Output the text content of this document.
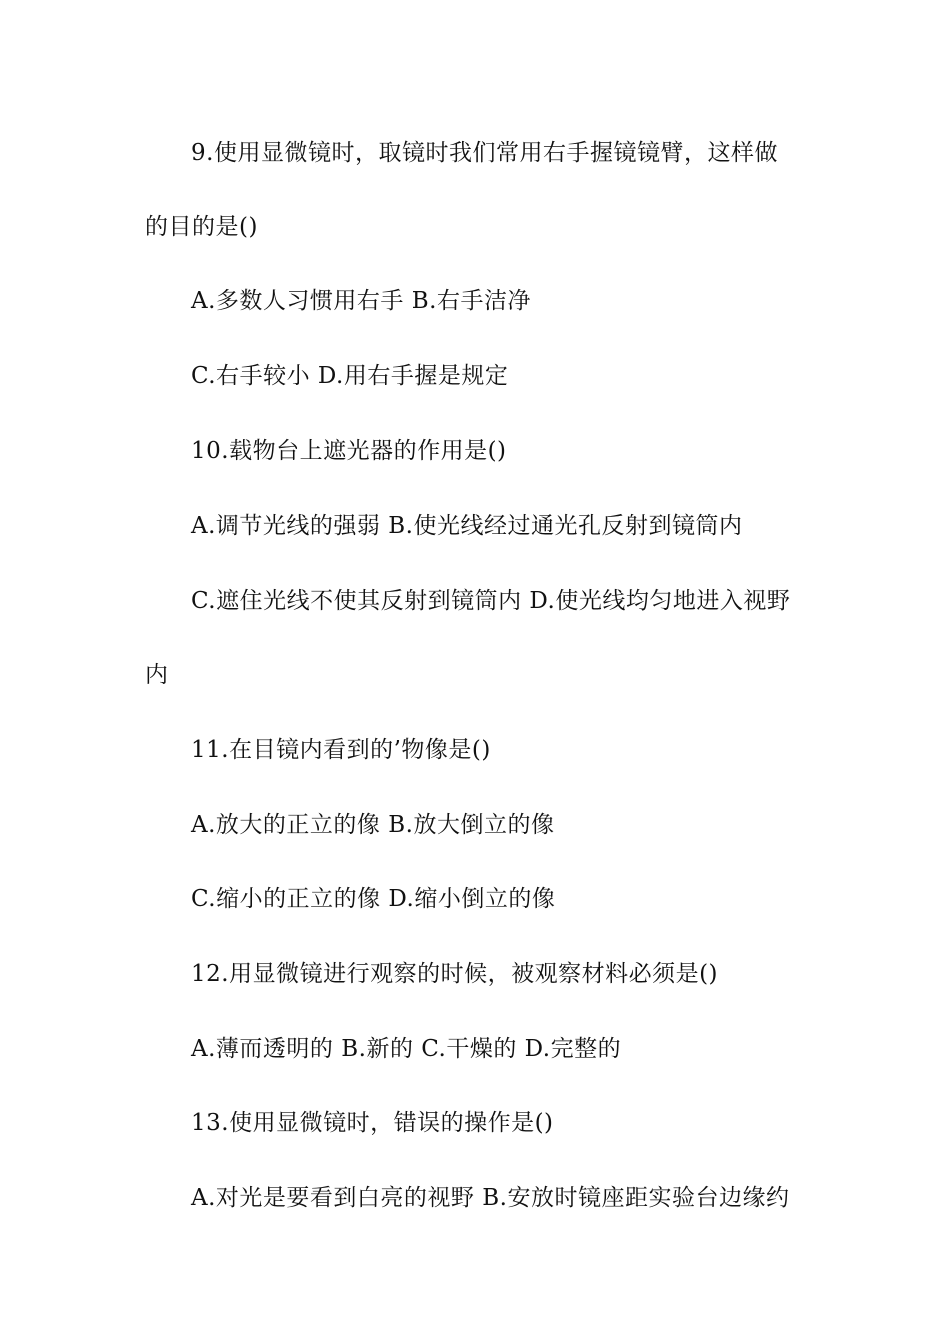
9.使用显微镜时，取镜时我们常用右手握镜镜臂，这样做
的目的是()
A.多数人习惯用右手 B.右手洁净
C.右手较小 D.用右手握是规定
10.载物台上遮光器的作用是()
A.调节光线的强弱 B.使光线经过通光孔反射到镜筒内
C.遮住光线不使其反射到镜筒内 D.使光线均匀地进入视野
内
11.在目镜内看到的’物像是()
A.放大的正立的像 B.放大倒立的像
C.缩小的正立的像 D.缩小倒立的像
12.用显微镜进行观察的时候，被观察材料必须是()
A.薄而透明的 B.新的 C.干燥的 D.完整的
13.使用显微镜时，错误的操作是()
A.对光是要看到白亮的视野 B.安放时镜座距实验台边缘约
